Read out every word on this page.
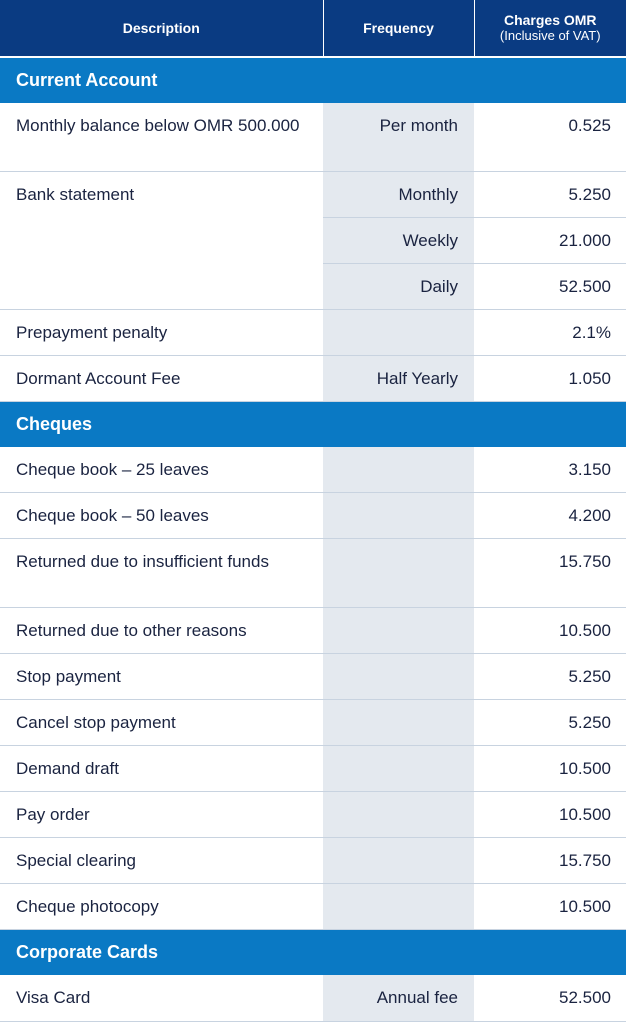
Description	Frequency	Charges OMR
(Inclusive of VAT)

Current Account		
Monthly balance below OMR 500.000	Per month	0.525
Bank statement	Monthly	5.250
	Weekly	21.000
	Daily	52.500
Prepayment penalty		2.1%
Dormant Account Fee	Half Yearly	1.050
Cheques		
Cheque book – 25 leaves		3.150
Cheque book – 50 leaves		4.200
Returned due to insufficient funds		15.750
Returned due to other reasons		10.500
Stop payment		5.250
Cancel stop payment		5.250
Demand draft		10.500
Pay order		10.500
Special clearing		15.750
Cheque photocopy		10.500
Corporate Cards		
Visa Card	Annual fee	52.500
